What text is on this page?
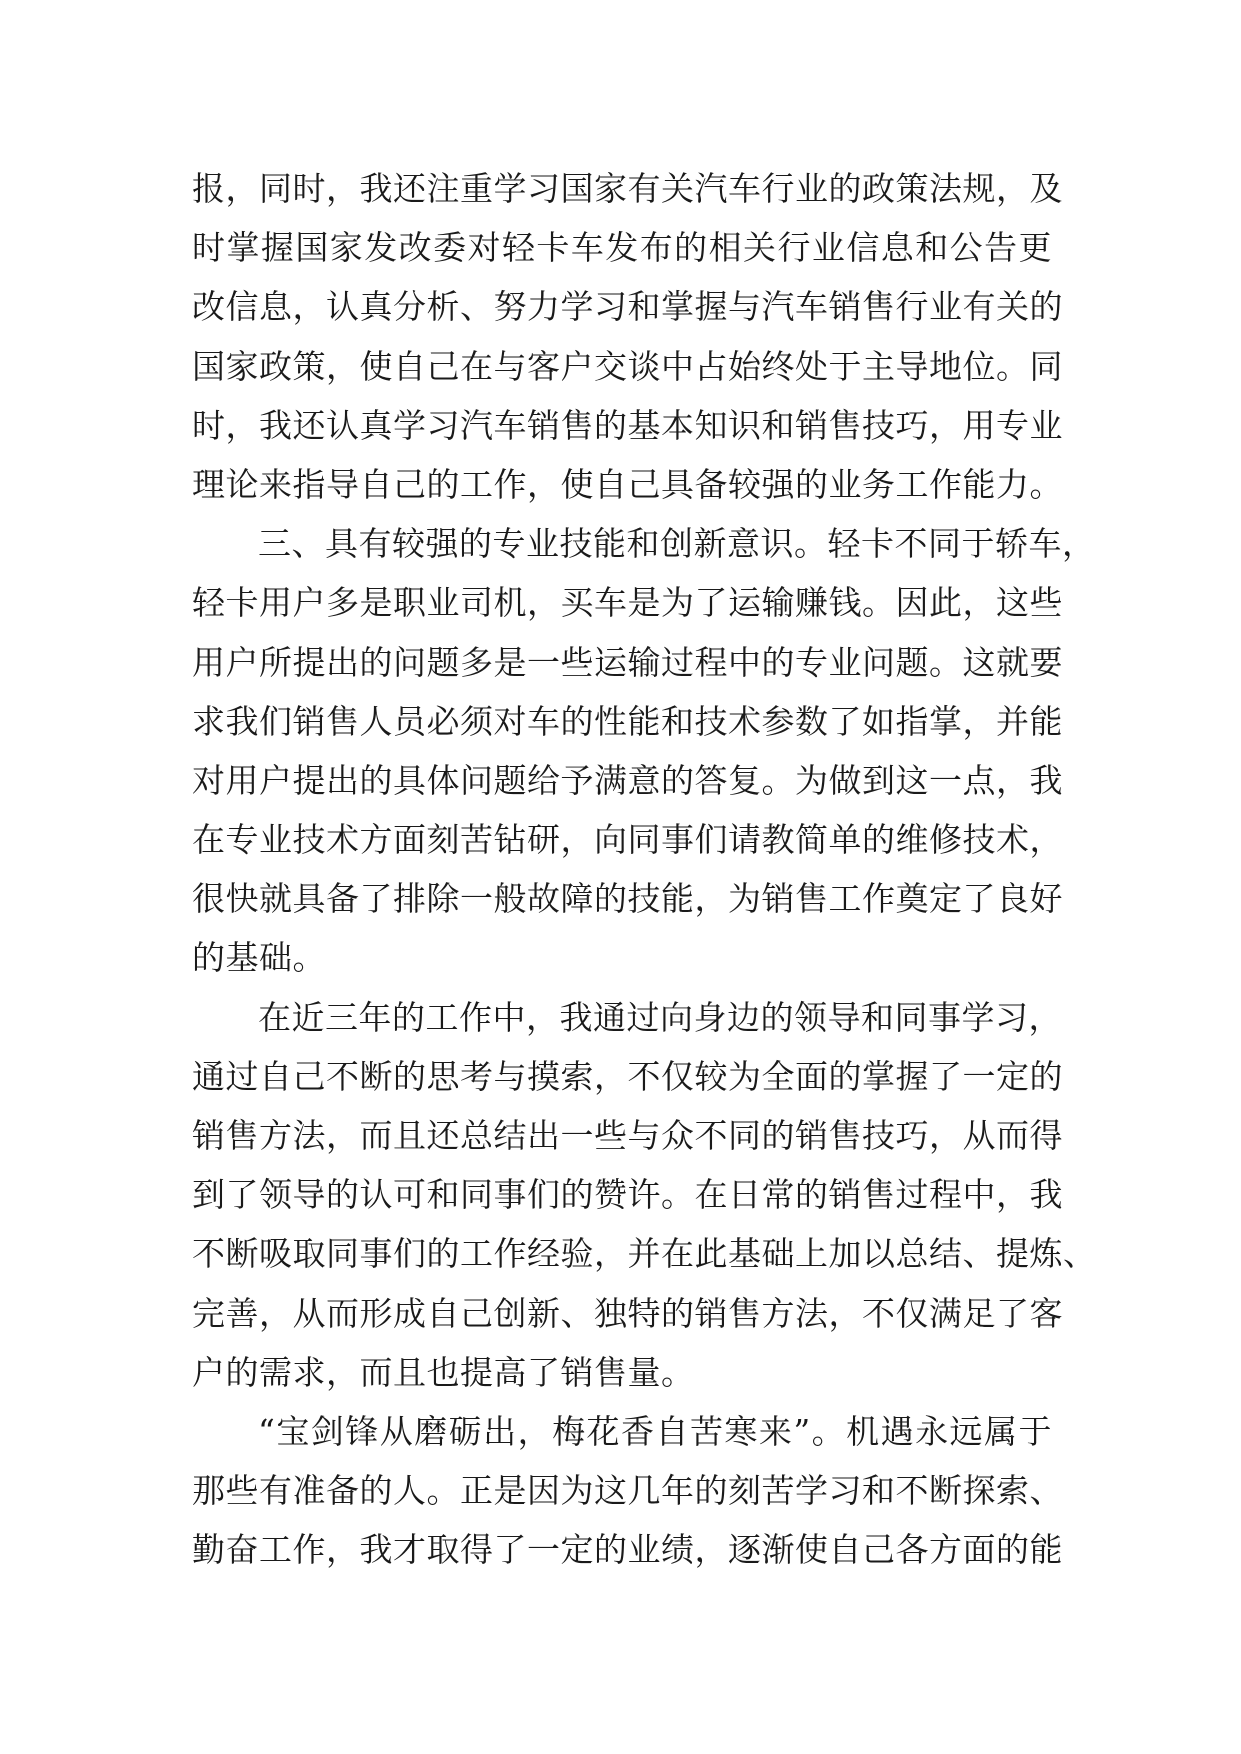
报，同时，我还注重学习国家有关汽车行业的政策法规，及
时掌握国家发改委对轻卡车发布的相关行业信息和公告更
改信息，认真分析、努力学习和掌握与汽车销售行业有关的
国家政策，使自己在与客户交谈中占始终处于主导地位。同
时，我还认真学习汽车销售的基本知识和销售技巧，用专业
理论来指导自己的工作，使自己具备较强的业务工作能力。
三、具有较强的专业技能和创新意识。轻卡不同于轿车，
轻卡用户多是职业司机，买车是为了运输赚钱。因此，这些
用户所提出的问题多是一些运输过程中的专业问题。这就要
求我们销售人员必须对车的性能和技术参数了如指掌，并能
对用户提出的具体问题给予满意的答复。为做到这一点，我
在专业技术方面刻苦钻研，向同事们请教简单的维修技术，
很快就具备了排除一般故障的技能，为销售工作奠定了良好
的基础。
在近三年的工作中，我通过向身边的领导和同事学习，
通过自己不断的思考与摸索，不仅较为全面的掌握了一定的
销售方法，而且还总结出一些与众不同的销售技巧，从而得
到了领导的认可和同事们的赞许。在日常的销售过程中，我
不断吸取同事们的工作经验，并在此基础上加以总结、提炼、
完善，从而形成自己创新、独特的销售方法，不仅满足了客
户的需求，而且也提高了销售量。
“宝剑锋从磨砺出，梅花香自苦寒来”。机遇永远属于
那些有准备的人。正是因为这几年的刻苦学习和不断探索、
勤奋工作，我才取得了一定的业绩，逐渐使自己各方面的能
